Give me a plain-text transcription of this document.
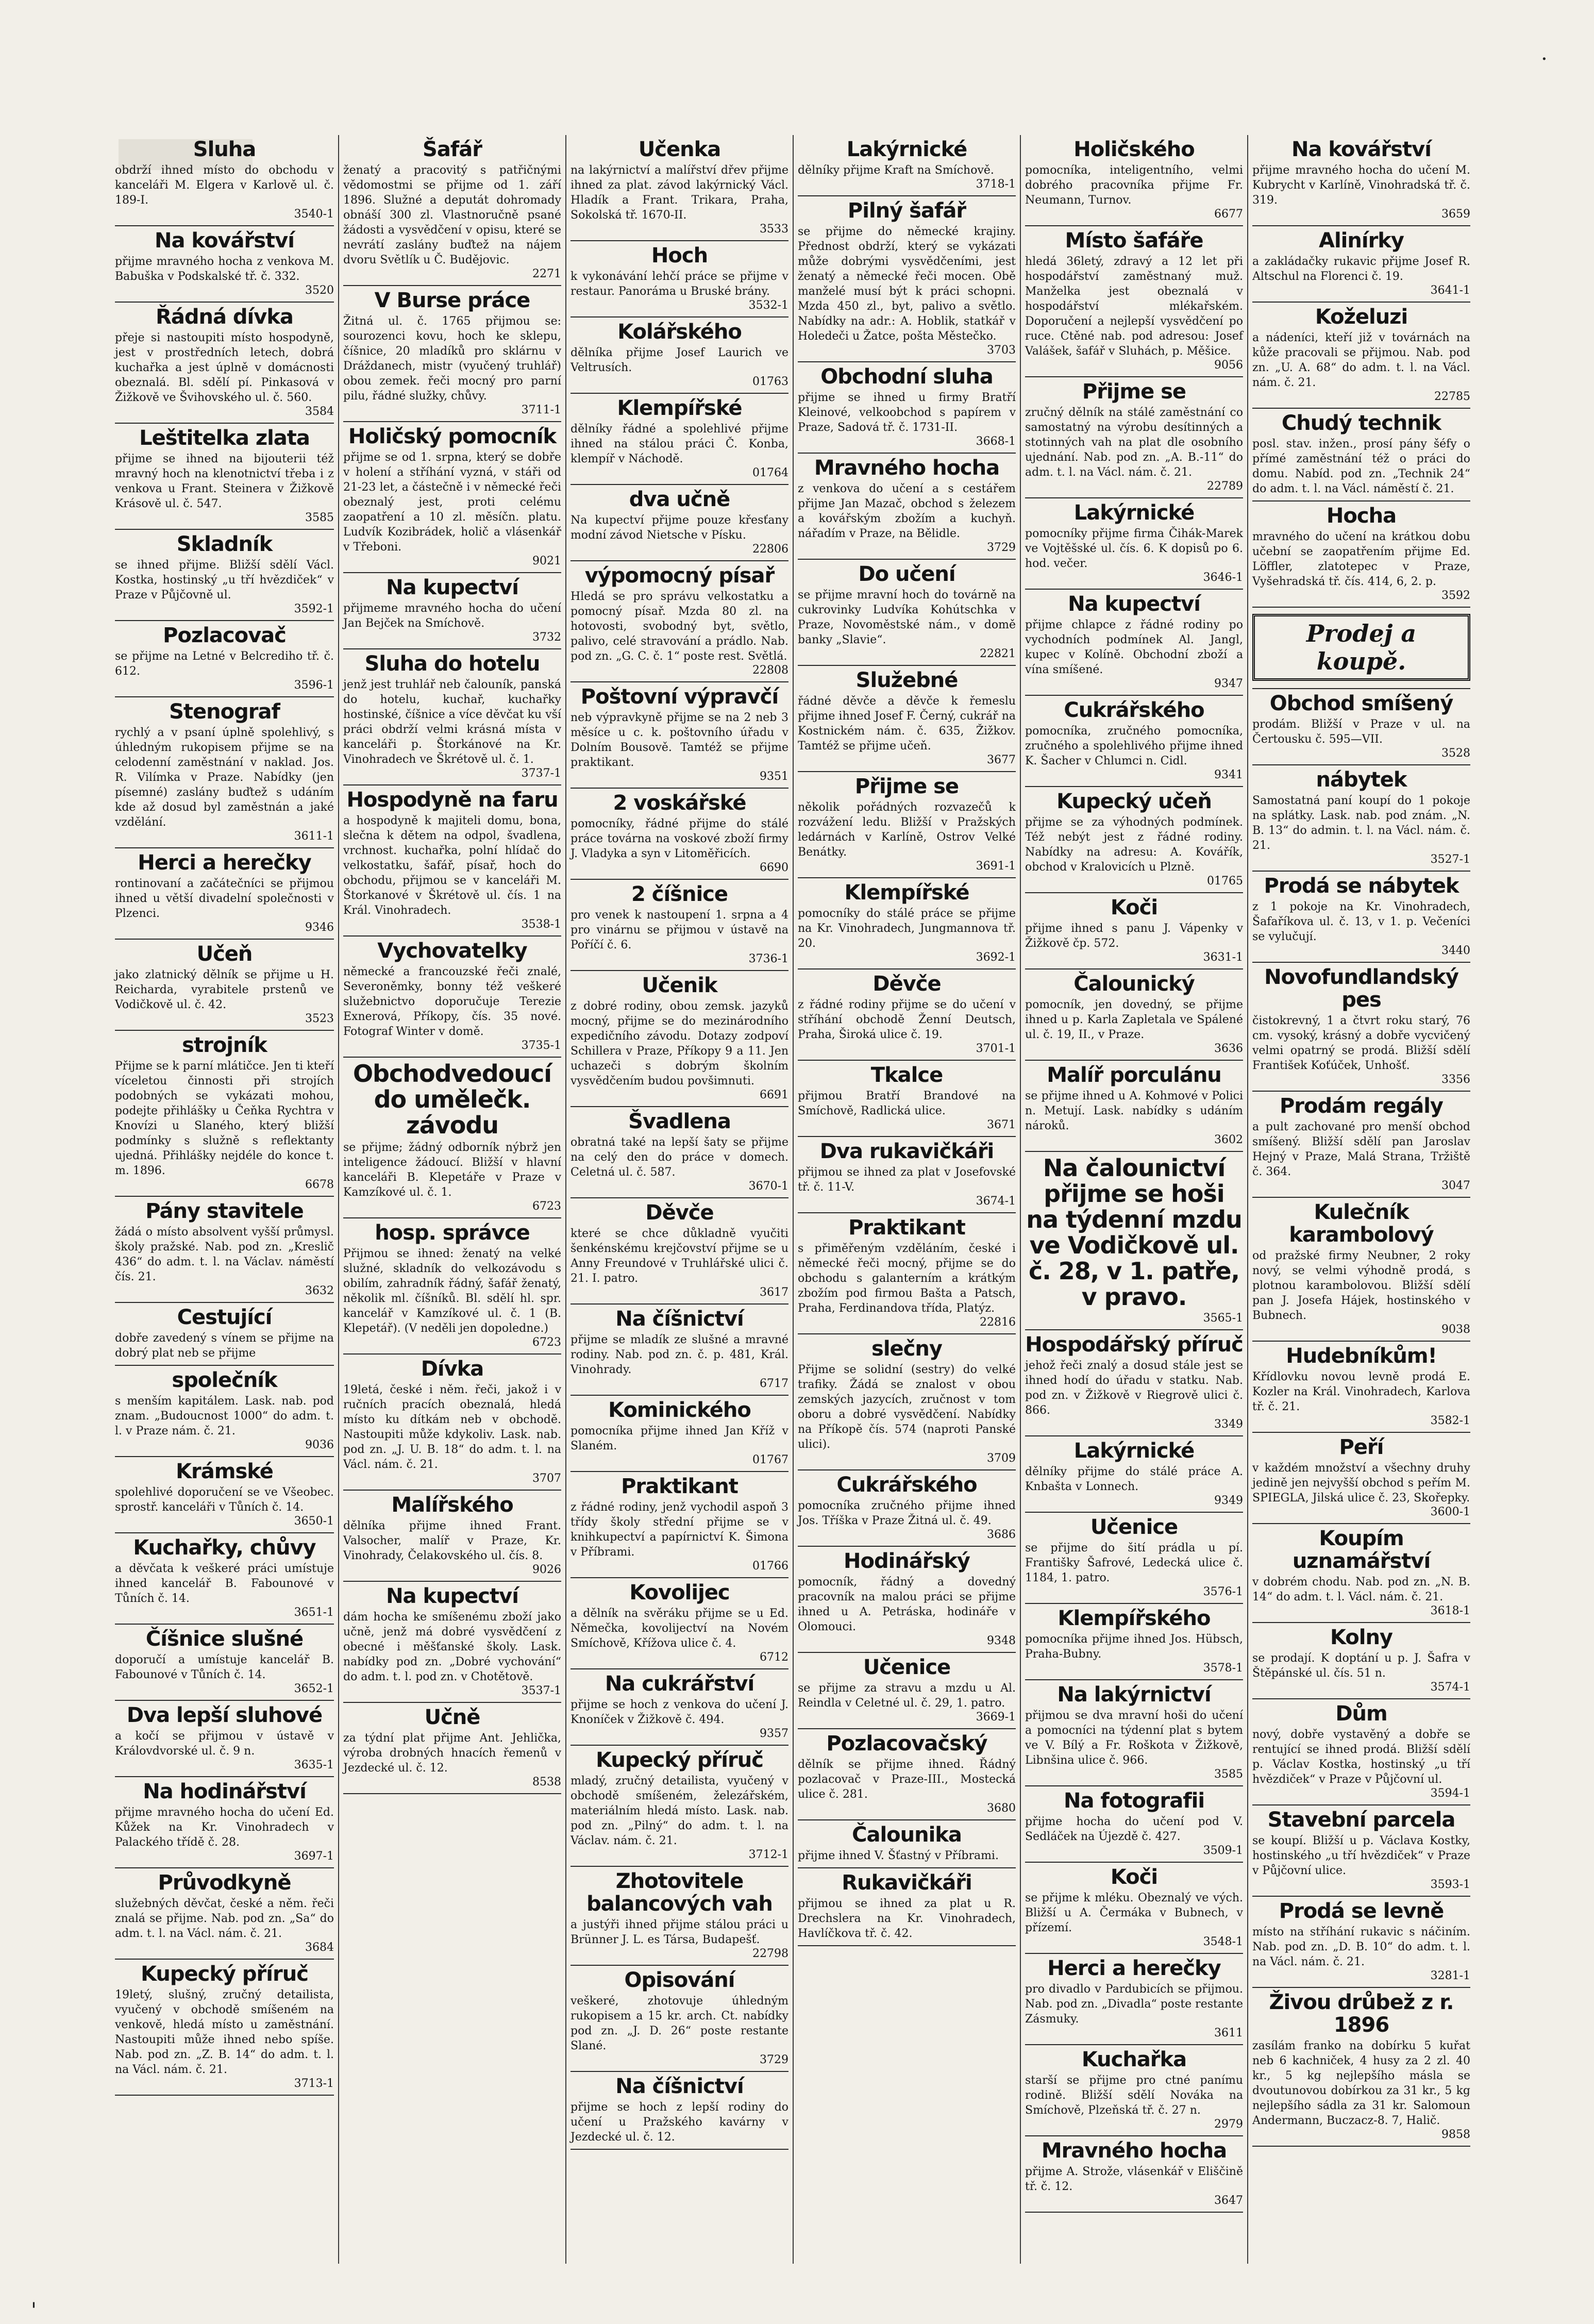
.
'
Sluha

obdrží ihned místo do obchodu v kanceláři M. Elgera v Karlově ul. č. 189-I.

3540-1
Na kovářství

přijme mravného hocha z venkova M. Babuška v Podskalské tř. č. 332.

3520
Řádná dívka

přeje si nastoupiti místo hospodyně, jest v prostředních letech, dobrá kuchařka a jest úplně v domácnosti obeznalá. Bl. sdělí pí. Pinkasová v Žižkově ve Švihovského ul. č. 560.

3584
Leštitelka zlata

přijme se ihned na bijouterii též mravný hoch na klenotnictví třeba i z venkova u Frant. Steinera v Žižkově Krásově ul. č. 547.

3585
Skladník

se ihned přijme. Bližší sdělí Václ. Kostka, hostinský „u tří hvězdiček“ v Praze v Půjčovně ul.

3592-1
Pozlacovač

se přijme na Letné v Belcrediho tř. č. 612.

3596-1
Stenograf

rychlý a v psaní úplně spolehlivý, s úhledným rukopisem přijme se na celodenní zaměstnání v naklad. Jos. R. Vilímka v Praze. Nabídky (jen písemné) zaslány buďtež s udáním kde až dosud byl zaměstnán a jaké vzdělání.

3611-1
Herci a herečky

rontinovaní a začátečníci se přijmou ihned u větší divadelní společnosti v Plzenci.

9346
Učeň

jako zlatnický dělník se přijme u H. Reicharda, vyrabitele prstenů ve Vodičkově ul. č. 42.

3523
strojník

Přijme se k parní mlátičce. Jen ti kteří víceletou činnosti při strojích podobných se vykázati mohou, podejte přihlášky u Čeňka Rychtra v Knovízi u Slaného, který bližší podmínky s služně s reflektanty ujedná. Přihlášky nejdéle do konce t. m. 1896.

6678
Pány stavitele

žádá o místo absolvent vyšší průmysl. školy pražské. Nab. pod zn. „Kreslič 436“ do adm. t. l. na Václav. náměstí čís. 21.

3632
Cestující

dobře zavedený s vínem se přijme na dobrý plat neb se přijme

společník

s menším kapitálem. Lask. nab. pod znam. „Budoucnost 1000“ do adm. t. l. v Praze nám. č. 21.

9036
Krámské

spolehlivé doporučení se ve Všeobec. sprostř. kanceláři v Tůních č. 14.

3650-1
Kuchařky, chůvy

a děvčata k veškeré práci umístuje ihned kancelář B. Fabounové v Tůních č. 14.

3651-1
Číšnice slušné

doporučí a umístuje kancelář B. Fabounové v Tůních č. 14.

3652-1
Dva lepší sluhové

a kočí se přijmou v ústavě v Královdvorské ul. č. 9 n.

3635-1
Na hodinářství

přijme mravného hocha do učení Ed. Kůžek na Kr. Vinohradech v Palackého třídě č. 28.

3697-1
Průvodkyně

služebných děvčat, české a něm. řeči znalá se přijme. Nab. pod zn. „Sa“ do adm. t. l. na Václ. nám. č. 21.

3684
Kupecký příruč

19letý, slušný, zručný detailista, vyučený v obchodě smíšeném na venkově, hledá místo u zaměstnání. Nastoupiti může ihned nebo spíše. Nab. pod zn. „Z. B. 14“ do adm. t. l. na Václ. nám. č. 21.

3713-1
Šafář

ženatý a pracovitý s patřičnými vědomostmi se přijme od 1. září 1896. Služné a deputát dohromady obnáší 300 zl. Vlastnoručně psané žádosti a vysvědčení v opisu, které se nevrátí zaslány buďtež na nájem dvoru Světlík u Č. Budějovic.

2271
V Burse práce

Žitná ul. č. 1765 přijmou se: sourozenci kovu, hoch ke sklepu, číšnice, 20 mladíků pro sklárnu v Dráždanech, mistr (vyučený truhlář) obou zemek. řeči mocný pro parní pilu, řádné služky, chůvy.

3711-1
Holičský pomocník

přijme se od 1. srpna, který se dobře v holení a stříhání vyzná, v stáři od 21-23 let, a částečně i v německé řeči obeznalý jest, proti celému zaopatření a 10 zl. měsíčn. platu. Ludvík Kozibrádek, holič a vlásenkář v Třeboni.

9021
Na kupectví

přijmeme mravného hocha do učení Jan Bejček na Smíchově.

3732
Sluha do hotelu

jenž jest truhlář neb čalouník, panská do hotelu, kuchař, kuchařky hostinské, číšnice a více děvčat ku vší práci obdrží velmi krásná místa v kanceláři p. Štorkánové na Kr. Vinohradech ve Škrétově ul. č. 1.

3737-1
Hospodyně na faru

a hospodyně k majiteli domu, bona, slečna k dětem na odpol, švadlena, vrchnost. kuchařka, polní hlídač do velkostatku, šafář, písař, hoch do obchodu, přijmou se v kanceláři M. Štorkanové v Škrétově ul. čís. 1 na Král. Vinohradech.

3538-1
Vychovatelky

německé a francouzské řeči znalé, Severoněmky, bonny též veškeré služebnictvo doporučuje Terezie Exnerová, Příkopy, čís. 35 nové. Fotograf Winter v domě.

3735-1
Obchodvedoucí do umělečk. závodu

se přijme; žádný odborník nýbrž jen inteligence žádoucí. Bližší v hlavní kanceláři B. Klepetáře v Praze v Kamzíkové ul. č. 1.

6723
hosp. správce

Přijmou se ihned: ženatý na velké služné, skladník do velkozávodu s obilím, zahradník řádný, šafář ženatý, několik ml. číšníků. Bl. sdělí hl. spr. kancelář v Kamzíkové ul. č. 1 (B. Klepetář). (V neděli jen dopoledne.)

6723
Dívka

19letá, české i něm. řeči, jakož i v ručních pracích obeznalá, hledá místo ku dítkám neb v obchodě. Nastoupiti může kdykoliv. Lask. nab. pod zn. „J. U. B. 18“ do adm. t. l. na Václ. nám. č. 21.

3707
Malířského

dělníka přijme ihned Frant. Valsocher, malíř v Praze, Kr. Vinohrady, Čelakovského ul. čís. 8.

9026
Na kupectví

dám hocha ke smíšenému zboží jako učně, jenž má dobré vysvědčení z obecné i měšťanské školy. Lask. nabídky pod zn. „Dobré vychování“ do adm. t. l. pod zn. v Chotětově.

3537-1
Učně

za týdní plat přijme Ant. Jehlička, výroba drobných hnacích řemenů v Jezdecké ul. č. 12.

8538
Učenka

na lakýrnictví a malířství dřev přijme ihned za plat. závod lakýrnický Václ. Hladík a Frant. Trikara, Praha, Sokolská tř. 1670-II.

3533
Hoch

k vykonávání lehčí práce se přijme v restaur. Panoráma u Bruské brány.

3532-1
Kolářského

dělníka přijme Josef Laurich ve Veltrusích.

01763
Klempířské

dělníky řádné a spolehlivé přijme ihned na stálou práci Č. Konba, klempíř v Náchodě.

01764
dva učně

Na kupectví přijme pouze křesťany modní závod Nietsche v Písku.

22806
výpomocný písař

Hledá se pro správu velkostatku a pomocný písař. Mzda 80 zl. na hotovosti, svobodný byt, světlo, palivo, celé stravování a prádlo. Nab. pod zn. „G. C. č. 1“ poste rest. Světlá.

22808
Poštovní výpravčí

neb výpravkyně přijme se na 2 neb 3 měsíce u c. k. poštovního úřadu v Dolním Bousově. Tamtéž se přijme praktikant.

9351
2 voskářské

pomocníky, řádné přijme do stálé práce továrna na voskové zboží firmy J. Vladyka a syn v Litoměřicích.

6690
2 číšnice

pro venek k nastoupení 1. srpna a 4 pro vinárnu se přijmou v ústavě na Poříčí č. 6.

3736-1
Učenik

z dobré rodiny, obou zemsk. jazyků mocný, přijme se do mezinárodního expedičního závodu. Dotazy zodpoví Schillera v Praze, Příkopy 9 a 11. Jen uchazeči s dobrým školním vysvědčením budou povšimnuti.

6691
Švadlena

obratná také na lepší šaty se přijme na celý den do práce v domech. Celetná ul. č. 587.

3670-1
Děvče

které se chce důkladně vyučiti šenkénskému krejčovství přijme se u Anny Freundové v Truhlářské ulici č. 21. I. patro.

3617
Na číšnictví

přijme se mladík ze slušné a mravné rodiny. Nab. pod zn. č. p. 481, Král. Vinohrady.

6717
Kominického

pomocníka přijme ihned Jan Kříž v Slaném.

01767
Praktikant

z řádné rodiny, jenž vychodil aspoň 3 třídy školy střední přijme se v knihkupectví a papírnictví K. Šimona v Příbrami.

01766
Kovolijec

a dělník na svěráku přijme se u Ed. Němečka, kovolijectví na Novém Smíchově, Křížova ulice č. 4.

6712
Na cukrářství

přijme se hoch z venkova do učení J. Knoníček v Žižkově č. 494.

9357
Kupecký příruč

mladý, zručný detailista, vyučený v obchodě smíšeném, železářském, materiálním hledá místo. Lask. nab. pod zn. „Pilný“ do adm. t. l. na Václav. nám. č. 21.

3712-1
Zhotovitele balancových vah

a justýři ihned přijme stálou práci u Brünner J. L. es Társa, Budapešť.

22798
Opisování

veškeré, zhotovuje úhledným rukopisem a 15 kr. arch. Ct. nabídky pod zn. „J. D. 26“ poste restante Slané.

3729
Na číšnictví

přijme se hoch z lepší rodiny do učení u Pražského kavárny v Jezdecké ul. č. 12.

Lakýrnické

dělníky přijme Kraft na Smíchově.

3718-1
Pilný šafář

se přijme do německé krajiny. Přednost obdrží, který se vykázati může dobrými vysvědčeními, jest ženatý a německé řeči mocen. Obě manželé musí být k práci schopni. Mzda 450 zl., byt, palivo a světlo. Nabídky na adr.: A. Hoblik, statkář v Holedeči u Žatce, pošta Městečko.

3703
Obchodní sluha

přijme se ihned u firmy Bratří Kleinové, velkoobchod s papírem v Praze, Sadová tř. č. 1731-II.

3668-1
Mravného hocha

z venkova do učení a s cestářem přijme Jan Mazač, obchod s železem a kovářským zbožím a kuchyň. nářadím v Praze, na Bělidle.

3729
Do učení

se přijme mravní hoch do továrně na cukrovinky Ludvíka Kohútschka v Praze, Novoměstské nám., v domě banky „Slavie“.

22821
Služebné

řádné děvče a děvče k řemeslu přijme ihned Josef F. Černý, cukrář na Kostnickém nám. č. 635, Žižkov. Tamtéž se přijme učeň.

3677
Přijme se

několik pořádných rozvazečů k rozvážení ledu. Bližší v Pražských ledárnách v Karlíně, Ostrov Velké Benátky.

3691-1
Klempířské

pomocníky do stálé práce se přijme na Kr. Vinohradech, Jungmannova tř. 20.

3692-1
Děvče

z řádné rodiny přijme se do učení v stříhání obchodě Ženní Deutsch, Praha, Široká ulice č. 19.

3701-1
Tkalce

přijmou Bratří Brandové na Smíchově, Radlická ulice.

3671
Dva rukavičkáři

přijmou se ihned za plat v Josefovské tř. č. 11-V.

3674-1
Praktikant

s přiměřeným vzděláním, české i německé řeči mocný, přijme se do obchodu s galanterním a krátkým zbožím pod firmou Bašta a Patsch, Praha, Ferdinandova třída, Platýz.

22816
slečny

Přijme se solidní (sestry) do velké trafiky. Žádá se znalost v obou zemských jazycích, zručnost v tom oboru a dobré vysvědčení. Nabídky na Příkopě čís. 574 (naproti Panské ulici).

3709
Cukrářského

pomocníka zručného přijme ihned Jos. Tříška v Praze Žitná ul. č. 49.

3686
Hodinářský

pomocník, řádný a dovedný pracovník na malou práci se přijme ihned u A. Petráska, hodináře v Olomouci.

9348
Učenice

se přijme za stravu a mzdu u Al. Reindla v Celetné ul. č. 29, 1. patro.

3669-1
Pozlacovačský

dělník se přijme ihned. Řádný pozlacovač v Praze-III., Mostecká ulice č. 281.

3680
Čalounika

přijme ihned V. Šťastný v Příbrami.

Rukavičkáři

přijmou se ihned za plat u R. Drechslera na Kr. Vinohradech, Havlíčkova tř. č. 42.

Holičského

pomocníka, inteligentního, velmi dobrého pracovníka přijme Fr. Neumann, Turnov.

6677
Místo šafáře

hledá 36letý, zdravý a 12 let při hospodářství zaměstnaný muž. Manželka jest obeznalá v hospodářství mlékařském. Doporučení a nejlepší vysvědčení po ruce. Ctěné nab. pod adresou: Josef Valášek, šafář v Sluhách, p. Měšice.

9056
Přijme se

zručný dělník na stálé zaměstnání co samostatný na výrobu desítinných a stotinných vah na plat dle osobního ujednání. Nab. pod zn. „A. B.-11“ do adm. t. l. na Václ. nám. č. 21.

22789
Lakýrnické

pomocníky přijme firma Čihák-Marek ve Vojtěšské ul. čís. 6. K dopisů po 6. hod. večer.

3646-1
Na kupectví

přijme chlapce z řádné rodiny po vychodních podmínek Al. Jangl, kupec v Kolíně. Obchodní zboží a vína smíšené.

9347
Cukrářského

pomocníka, zručného pomocníka, zručného a spolehlivého přijme ihned K. Šacher v Chlumci n. Cidl.

9341
Kupecký učeň

přijme se za výhodných podmínek. Též nebýt jest z řádné rodiny. Nabídky na adresu: A. Kovářík, obchod v Kralovicích u Plzně.

01765
Koči

přijme ihned s panu J. Vápenky v Žižkově čp. 572.

3631-1
Čalounický

pomocník, jen dovedný, se přijme ihned u p. Karla Zapletala ve Spálené ul. č. 19, II., v Praze.

3636
Malíř porculánu

se přijme ihned u A. Kohmové v Polici n. Metují. Lask. nabídky s udáním nároků.

3602
Na čalounictví přijme se hoši na týdenní mzdu ve Vodičkově ul. č. 28, v 1. patře, v pravo.
3565-1
Hospodářský příruč

jehož řeči znalý a dosud stále jest se ihned hodí do úřadu v statku. Nab. pod zn. v Žižkově v Riegrově ulici č. 866.

3349
Lakýrnické

dělníky přijme do stálé práce A. Knbašta v Lonnech.

9349
Učenice

se přijme do šití prádla u pí. Františky Šafrové, Ledecká ulice č. 1184, 1. patro.

3576-1
Klempířského

pomocníka přijme ihned Jos. Hübsch, Praha-Bubny.

3578-1
Na lakýrnictví

přijmou se dva mravní hoši do učení a pomocníci na týdenní plat s bytem ve V. Bílý a Fr. Roškota v Žižkově, Libnšina ulice č. 966.

3585
Na fotografii

přijme hocha do učení pod V. Sedláček na Újezdě č. 427.

3509-1
Koči

se přijme k mléku. Obeznalý ve vých. Bližší u A. Čermáka v Bubnech, v přízemí.

3548-1
Herci a herečky

pro divadlo v Pardubicích se přijmou. Nab. pod zn. „Divadla“ poste restante Zásmuky.

3611
Kuchařka

starší se přijme pro ctné panímu rodině. Bližší sdělí Nováka na Smíchově, Plzeňská tř. č. 27 n.

2979
Mravného hocha

přijme A. Strože, vlásenkář v Eliščině tř. č. 12.

3647
Na kovářství

přijme mravného hocha do učení M. Kubrycht v Karlíně, Vinohradská tř. č. 319.

3659
Alinírky

a zakládačky rukavic přijme Josef R. Altschul na Florenci č. 19.

3641-1
Koželuzi

a nádeníci, kteří již v továrnách na kůže pracovali se přijmou. Nab. pod zn. „U. A. 68“ do adm. t. l. na Václ. nám. č. 21.

22785
Chudý technik

posl. stav. inžen., prosí pány šéfy o přímé zaměstnání též o práci do domu. Nabíd. pod zn. „Technik 24“ do adm. t. l. na Václ. náměstí č. 21.

Hocha

mravného do učení na krátkou dobu učební se zaopatřením přijme Ed. Löffler, zlatotepec v Praze, Vyšehradská tř. čís. 414, 6, 2. p.

3592
Prodej a koupě.
Obchod smíšený

prodám. Bližší v Praze v ul. na Čertousku č. 595—VII.

3528
nábytek

Samostatná paní koupí do 1 pokoje na splátky. Lask. nab. pod znám. „N. B. 13“ do admin. t. l. na Václ. nám. č. 21.

3527-1
Prodá se nábytek

z 1 pokoje na Kr. Vinohradech, Šafaříkova ul. č. 13, v 1. p. Večeníci se vylučují.

3440
Novofundlandský pes

čistokrevný, 1 a čtvrt roku starý, 76 cm. vysoký, krásný a dobře vycvičený velmi opatrný se prodá. Bližší sdělí František Koťúček, Unhošť.

3356
Prodám regály

a pult zachované pro menší obchod smíšený. Bližší sdělí pan Jaroslav Hejný v Praze, Malá Strana, Tržiště č. 364.

3047
Kulečník karambolový

od pražské firmy Neubner, 2 roky nový, se velmi výhodně prodá, s plotnou karambolovou. Bližší sdělí pan J. Josefa Hájek, hostinského v Bubnech.

9038
Hudebníkům!

Křídlovku novou levně prodá E. Kozler na Král. Vinohradech, Karlova tř. č. 21.

3582-1
Peří

v každém množství a všechny druhy jedině jen nejvyšší obchod s peřím M. SPIEGLA, Jilská ulice č. 23, Skořepky.

3600-1
Koupím uznamářství

v dobrém chodu. Nab. pod zn. „N. B. 14“ do adm. t. l. Václ. nám. č. 21.

3618-1
Kolny

se prodají. K doptání u p. J. Šafra v Štěpánské ul. čís. 51 n.

3574-1
Dům

nový, dobře vystavěný a dobře se rentující se ihned prodá. Bližší sdělí p. Václav Kostka, hostinský „u tří hvězdiček“ v Praze v Půjčovní ul.

3594-1
Stavební parcela

se koupí. Bližší u p. Václava Kostky, hostinského „u tří hvězdiček“ v Praze v Půjčovní ulice.

3593-1
Prodá se levně

místo na stříhání rukavic s náčiním. Nab. pod zn. „D. B. 10“ do adm. t. l. na Václ. nám. č. 21.

3281-1
Živou drůbež z r. 1896

zasílám franko na dobírku 5 kuřat neb 6 kachniček, 4 husy za 2 zl. 40 kr., 5 kg nejlepšího másla se dvoutunovou dobírkou za 31 kr., 5 kg nejlepšího sádla za 31 kr. Salomoun Andermann, Buczacz-8. 7, Halič.

9858
